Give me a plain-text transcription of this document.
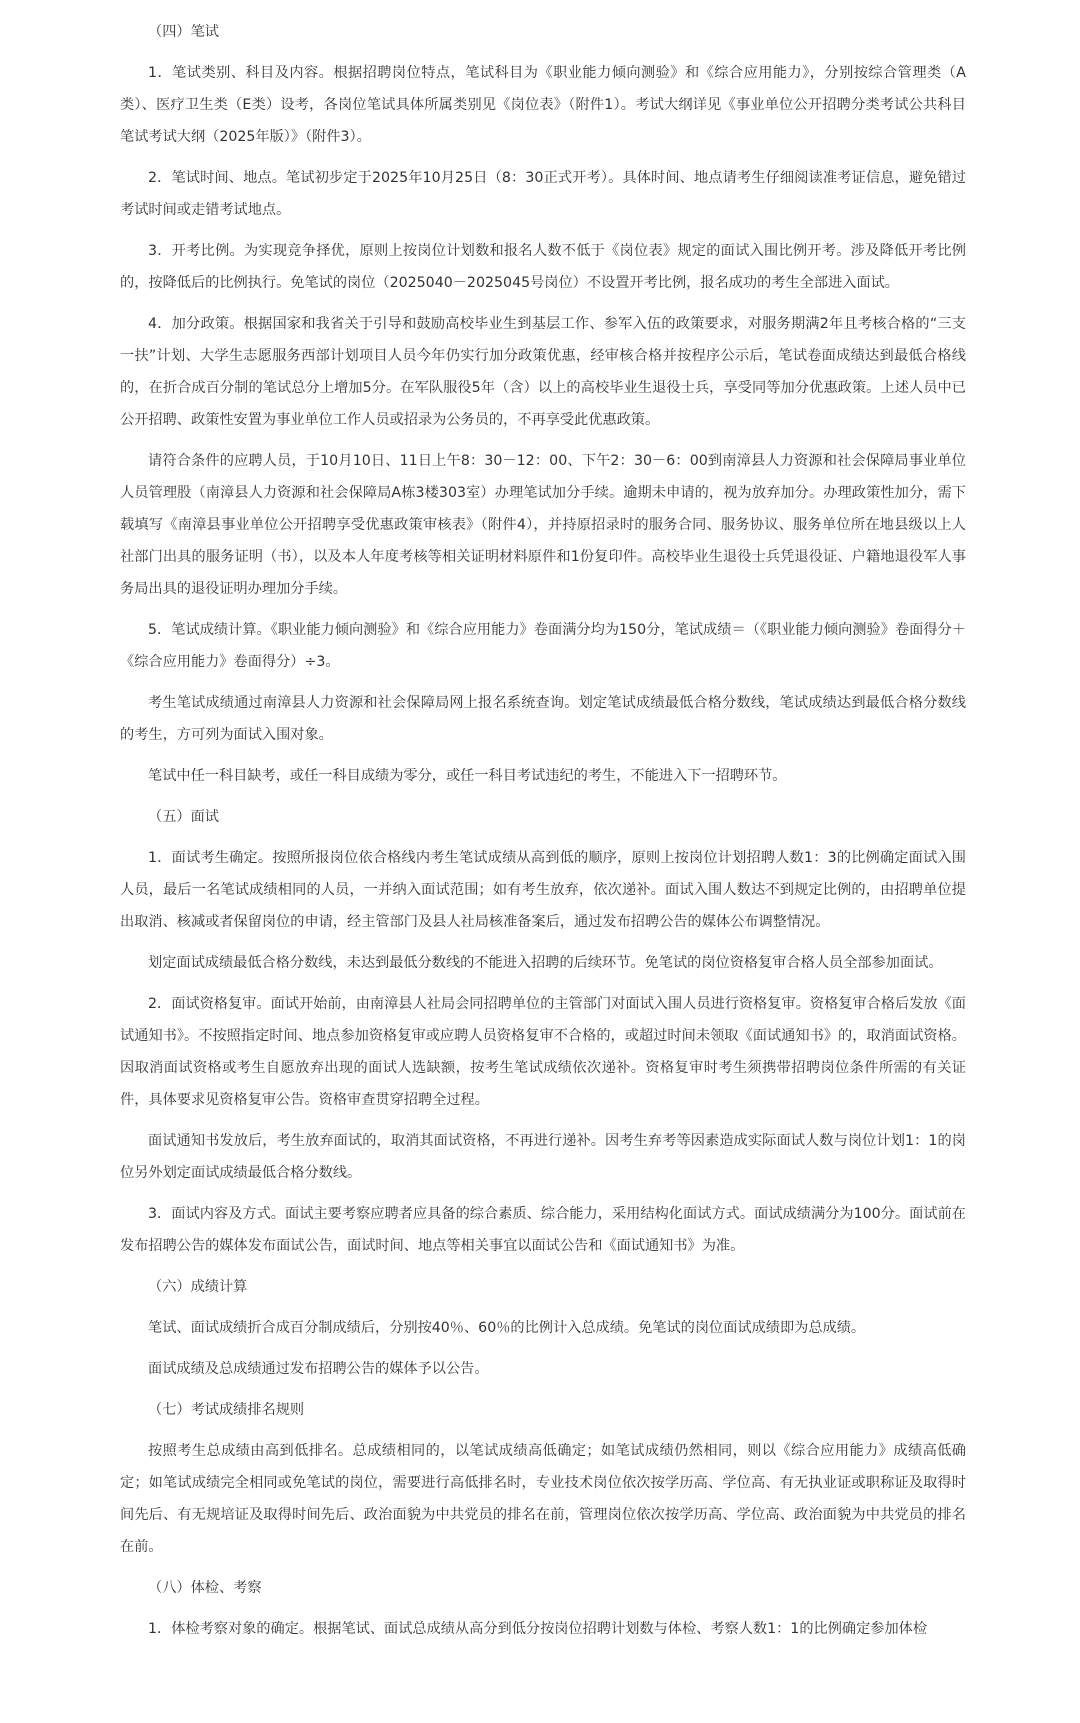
（四）笔试

1．笔试类别、科目及内容。根据招聘岗位特点，笔试科目为《职业能力倾向测验》和《综合应用能力》，分别按综合管理类（A类）、医疗卫生类（E类）设考，各岗位笔试具体所属类别见《岗位表》（附件1）。考试大纲详见《事业单位公开招聘分类考试公共科目笔试考试大纲（2025年版）》（附件3）。

2．笔试时间、地点。笔试初步定于2025年10月25日（8：30正式开考）。具体时间、地点请考生仔细阅读准考证信息，避免错过考试时间或走错考试地点。

3．开考比例。为实现竞争择优，原则上按岗位计划数和报名人数不低于《岗位表》规定的面试入围比例开考。涉及降低开考比例的，按降低后的比例执行。免笔试的岗位（2025040－2025045号岗位）不设置开考比例，报名成功的考生全部进入面试。

4．加分政策。根据国家和我省关于引导和鼓励高校毕业生到基层工作、参军入伍的政策要求，对服务期满2年且考核合格的“三支一扶”计划、大学生志愿服务西部计划项目人员今年仍实行加分政策优惠，经审核合格并按程序公示后，笔试卷面成绩达到最低合格线的，在折合成百分制的笔试总分上增加5分。在军队服役5年（含）以上的高校毕业生退役士兵，享受同等加分优惠政策。上述人员中已公开招聘、政策性安置为事业单位工作人员或招录为公务员的，不再享受此优惠政策。

请符合条件的应聘人员，于10月10日、11日上午8：30－12：00、下午2：30－6：00到南漳县人力资源和社会保障局事业单位人员管理股（南漳县人力资源和社会保障局A栋3楼303室）办理笔试加分手续。逾期未申请的，视为放弃加分。办理政策性加分，需下载填写《南漳县事业单位公开招聘享受优惠政策审核表》（附件4），并持原招录时的服务合同、服务协议、服务单位所在地县级以上人社部门出具的服务证明（书），以及本人年度考核等相关证明材料原件和1份复印件。高校毕业生退役士兵凭退役证、户籍地退役军人事务局出具的退役证明办理加分手续。

5．笔试成绩计算。《职业能力倾向测验》和《综合应用能力》卷面满分均为150分，笔试成绩＝（《职业能力倾向测验》卷面得分＋《综合应用能力》卷面得分）÷3。

考生笔试成绩通过南漳县人力资源和社会保障局网上报名系统查询。划定笔试成绩最低合格分数线，笔试成绩达到最低合格分数线的考生，方可列为面试入围对象。

笔试中任一科目缺考，或任一科目成绩为零分，或任一科目考试违纪的考生，不能进入下一招聘环节。

（五）面试

1．面试考生确定。按照所报岗位依合格线内考生笔试成绩从高到低的顺序，原则上按岗位计划招聘人数1：3的比例确定面试入围人员，最后一名笔试成绩相同的人员，一并纳入面试范围；如有考生放弃，依次递补。面试入围人数达不到规定比例的，由招聘单位提出取消、核减或者保留岗位的申请，经主管部门及县人社局核准备案后，通过发布招聘公告的媒体公布调整情况。

划定面试成绩最低合格分数线，未达到最低分数线的不能进入招聘的后续环节。免笔试的岗位资格复审合格人员全部参加面试。

2．面试资格复审。面试开始前，由南漳县人社局会同招聘单位的主管部门对面试入围人员进行资格复审。资格复审合格后发放《面试通知书》。不按照指定时间、地点参加资格复审或应聘人员资格复审不合格的，或超过时间未领取《面试通知书》的，取消面试资格。因取消面试资格或考生自愿放弃出现的面试人选缺额，按考生笔试成绩依次递补。资格复审时考生须携带招聘岗位条件所需的有关证件，具体要求见资格复审公告。资格审查贯穿招聘全过程。

面试通知书发放后，考生放弃面试的，取消其面试资格，不再进行递补。因考生弃考等因素造成实际面试人数与岗位计划1：1的岗位另外划定面试成绩最低合格分数线。

3．面试内容及方式。面试主要考察应聘者应具备的综合素质、综合能力，采用结构化面试方式。面试成绩满分为100分。面试前在发布招聘公告的媒体发布面试公告，面试时间、地点等相关事宜以面试公告和《面试通知书》为准。

（六）成绩计算

笔试、面试成绩折合成百分制成绩后，分别按40％、60％的比例计入总成绩。免笔试的岗位面试成绩即为总成绩。

面试成绩及总成绩通过发布招聘公告的媒体予以公告。

（七）考试成绩排名规则

按照考生总成绩由高到低排名。总成绩相同的，以笔试成绩高低确定；如笔试成绩仍然相同，则以《综合应用能力》成绩高低确定；如笔试成绩完全相同或免笔试的岗位，需要进行高低排名时，专业技术岗位依次按学历高、学位高、有无执业证或职称证及取得时间先后、有无规培证及取得时间先后、政治面貌为中共党员的排名在前，管理岗位依次按学历高、学位高、政治面貌为中共党员的排名在前。

（八）体检、考察

1．体检考察对象的确定。根据笔试、面试总成绩从高分到低分按岗位招聘计划数与体检、考察人数1：1的比例确定参加体检
